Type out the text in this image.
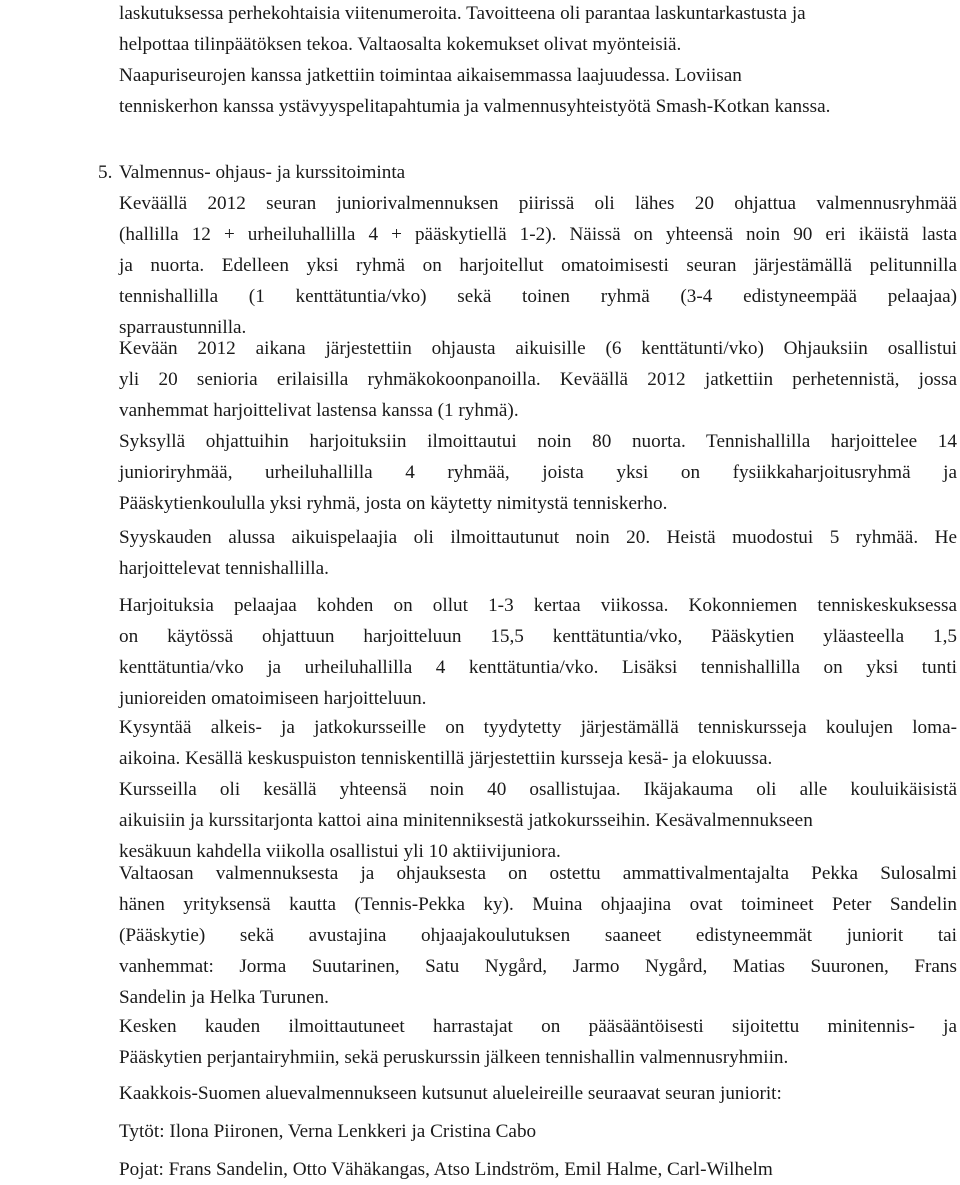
laskutuksessa perhekohtaisia viitenumeroita. Tavoitteena oli parantaa laskuntarkastusta ja
helpottaa tilinpäätöksen tekoa. Valtaosalta kokemukset olivat myönteisiä.
Naapuriseurojen kanssa jatkettiin toimintaa aikaisemmassa laajuudessa. Loviisan
tenniskerhon kanssa ystävyyspelitapahtumia ja valmennusyhteistyötä Smash-Kotkan kanssa.
5. Valmennus- ohjaus- ja kurssitoiminta
Keväällä 2012 seuran juniorivalmennuksen piirissä oli lähes 20 ohjattua valmennusryhmää
(hallilla 12 + urheiluhallilla 4 + pääskytiellä 1-2). Näissä on yhteensä noin 90 eri ikäistä lasta
ja nuorta. Edelleen yksi ryhmä on harjoitellut omatoimisesti seuran järjestämällä pelitunnilla
tennishallilla (1 kenttätuntia/vko) sekä toinen ryhmä (3-4 edistyneempää pelaajaa)
sparraustunnilla.
Kevään 2012 aikana järjestettiin ohjausta aikuisille (6 kenttätunti/vko) Ohjauksiin osallistui
yli 20 senioria erilaisilla ryhmäkokoonpanoilla. Keväällä 2012 jatkettiin perhetennistä, jossa
vanhemmat harjoittelivat lastensa kanssa (1 ryhmä).
Syksyllä ohjattuihin harjoituksiin ilmoittautui noin 80 nuorta. Tennishallilla harjoittelee 14
junioriryhmää, urheiluhallilla 4 ryhmää, joista yksi on fysiikkaharjoitusryhmä ja
Pääskytienkoululla yksi ryhmä, josta on käytetty nimitystä tenniskerho.
Syyskauden alussa aikuispelaajia oli ilmoittautunut noin 20. Heistä muodostui 5 ryhmää. He
harjoittelevat tennishallilla.
Harjoituksia pelaajaa kohden on ollut 1-3 kertaa viikossa. Kokonniemen tenniskeskuksessa
on käytössä ohjattuun harjoitteluun 15,5 kenttätuntia/vko, Pääskytien yläasteella 1,5
kenttätuntia/vko ja urheiluhallilla 4 kenttätuntia/vko. Lisäksi tennishallilla on yksi tunti
junioreiden omatoimiseen harjoitteluun.
Kysyntää alkeis- ja jatkokursseille on tyydytetty järjestämällä tenniskursseja koulujen loma-
aikoina. Kesällä keskuspuiston tenniskentillä järjestettiin kursseja kesä- ja elokuussa.
Kursseilla oli kesällä yhteensä noin 40 osallistujaa. Ikäjakauma oli alle kouluikäisistä
aikuisiin ja kurssitarjonta kattoi aina minitenniksestä jatkokursseihin. Kesävalmennukseen
kesäkuun kahdella viikolla osallistui yli 10 aktiivijuniora.
Valtaosan valmennuksesta ja ohjauksesta on ostettu ammattivalmentajalta Pekka Sulosalmi
hänen yrityksensä kautta (Tennis-Pekka ky). Muina ohjaajina ovat toimineet Peter Sandelin
(Pääskytie) sekä avustajina ohjaajakoulutuksen saaneet edistyneemmät juniorit tai
vanhemmat: Jorma Suutarinen, Satu Nygård, Jarmo Nygård, Matias Suuronen, Frans
Sandelin ja Helka Turunen.
Kesken kauden ilmoittautuneet harrastajat on pääsääntöisesti sijoitettu minitennis- ja
Pääskytien perjantairyhmiin, sekä peruskurssin jälkeen tennishallin valmennusryhmiin.
Kaakkois-Suomen aluevalmennukseen kutsunut alueleireille seuraavat seuran juniorit:
Tytöt: Ilona Piironen, Verna Lenkkeri ja Cristina Cabo
Pojat: Frans Sandelin, Otto Vähäkangas, Atso Lindström, Emil Halme, Carl-Wilhelm
